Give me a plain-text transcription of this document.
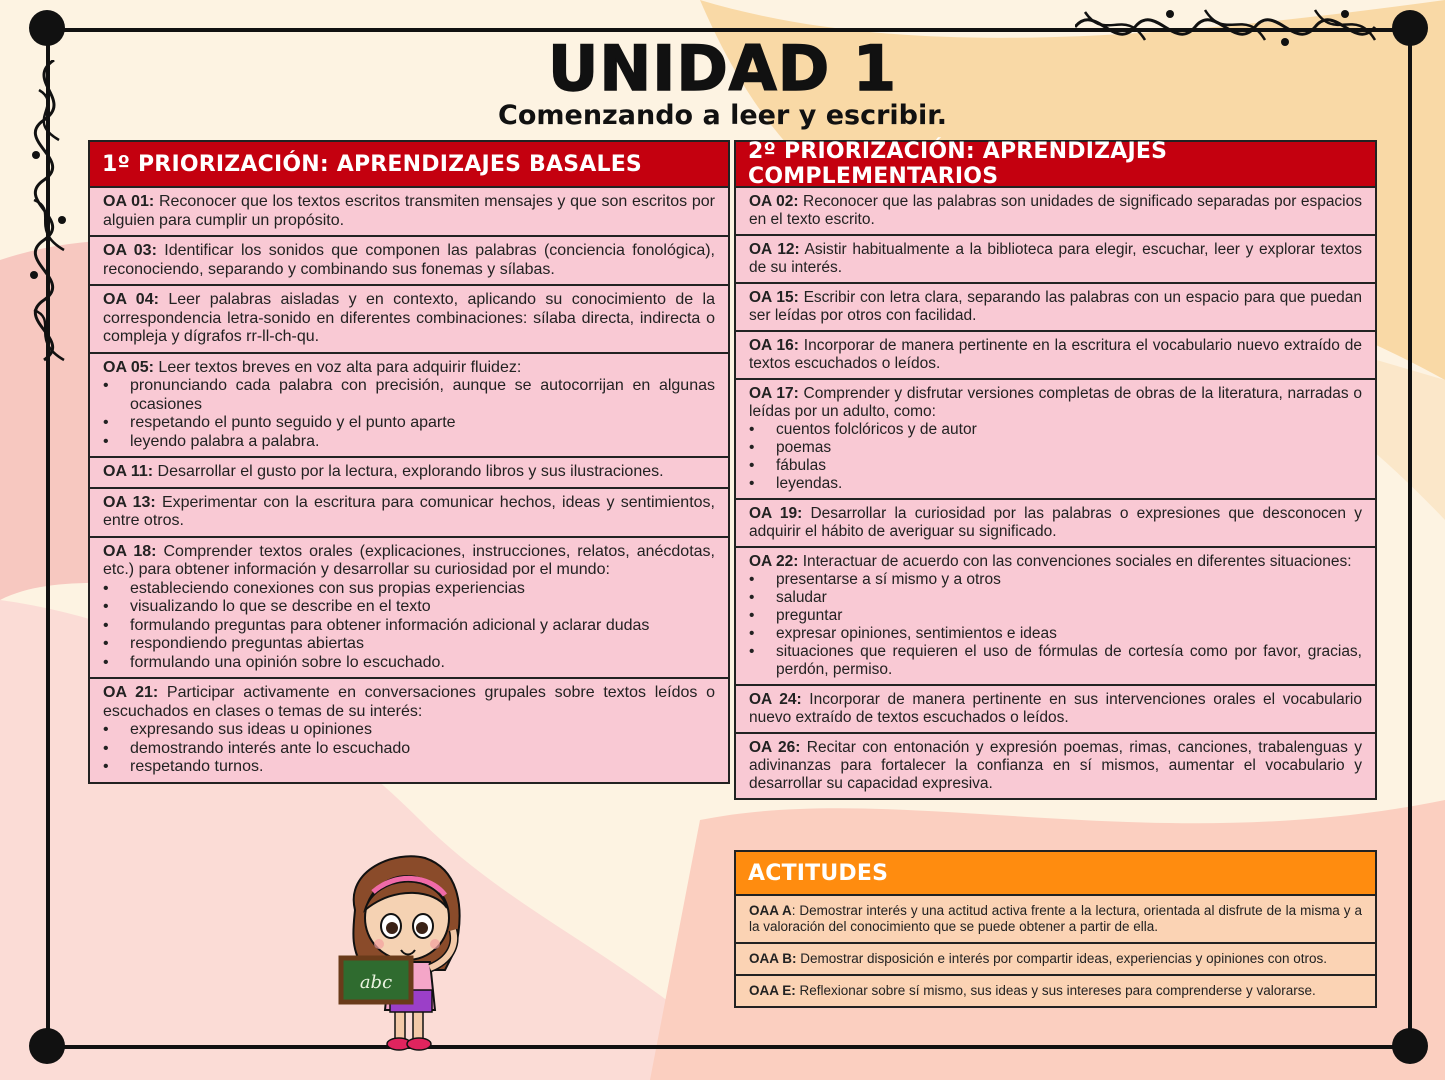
UNIDAD 1
Comenzando a leer y escribir.
1º PRIORIZACIÓN: APRENDIZAJES BASALES
OA 01: Reconocer que los textos escritos transmiten mensajes y que son escritos por alguien para cumplir un propósito.
OA 03: Identificar los sonidos que componen las palabras (conciencia fonológica), reconociendo, separando y combinando sus fonemas y sílabas.
OA 04: Leer palabras aisladas y en contexto, aplicando su conocimiento de la correspondencia letra-sonido en diferentes combinaciones: sílaba directa, indirecta o compleja y dígrafos rr-ll-ch-qu.
OA 05: Leer textos breves en voz alta para adquirir fluidez:
• pronunciando cada palabra con precisión, aunque se autocorrijan en algunas ocasiones
• respetando el punto seguido y el punto aparte
• leyendo palabra a palabra.
OA 11: Desarrollar el gusto por la lectura, explorando libros y sus ilustraciones.
OA 13: Experimentar con la escritura para comunicar hechos, ideas y sentimientos, entre otros.
OA 18: Comprender textos orales (explicaciones, instrucciones, relatos, anécdotas, etc.) para obtener información y desarrollar su curiosidad por el mundo:
• estableciendo conexiones con sus propias experiencias
• visualizando lo que se describe en el texto
• formulando preguntas para obtener información adicional y aclarar dudas
• respondiendo preguntas abiertas
• formulando una opinión sobre lo escuchado.
OA 21: Participar activamente en conversaciones grupales sobre textos leídos o escuchados en clases o temas de su interés:
• expresando sus ideas u opiniones
• demostrando interés ante lo escuchado
• respetando turnos.
2º PRIORIZACIÓN: APRENDIZAJES COMPLEMENTARIOS
OA 02: Reconocer que las palabras son unidades de significado separadas por espacios en el texto escrito.
OA 12: Asistir habitualmente a la biblioteca para elegir, escuchar, leer y explorar textos de su interés.
OA 15: Escribir con letra clara, separando las palabras con un espacio para que puedan ser leídas por otros con facilidad.
OA 16: Incorporar de manera pertinente en la escritura el vocabulario nuevo extraído de textos escuchados o leídos.
OA 17: Comprender y disfrutar versiones completas de obras de la literatura, narradas o leídas por un adulto, como:
• cuentos folclóricos y de autor
• poemas
• fábulas
• leyendas.
OA 19: Desarrollar la curiosidad por las palabras o expresiones que desconocen y adquirir el hábito de averiguar su significado.
OA 22: Interactuar de acuerdo con las convenciones sociales en diferentes situaciones:
• presentarse a sí mismo y a otros
• saludar
• preguntar
• expresar opiniones, sentimientos e ideas
• situaciones que requieren el uso de fórmulas de cortesía como por favor, gracias, perdón, permiso.
OA 24: Incorporar de manera pertinente en sus intervenciones orales el vocabulario nuevo extraído de textos escuchados o leídos.
OA 26: Recitar con entonación y expresión poemas, rimas, canciones, trabalenguas y adivinanzas para fortalecer la confianza en sí mismos, aumentar el vocabulario y desarrollar su capacidad expresiva.
ACTITUDES
OAA A: Demostrar interés y una actitud activa frente a la lectura, orientada al disfrute de la misma y a la valoración del conocimiento que se puede obtener a partir de ella.
OAA B: Demostrar disposición e interés por compartir ideas, experiencias y opiniones con otros.
OAA E: Reflexionar sobre sí mismo, sus ideas y sus intereses para comprenderse y valorarse.
abc
